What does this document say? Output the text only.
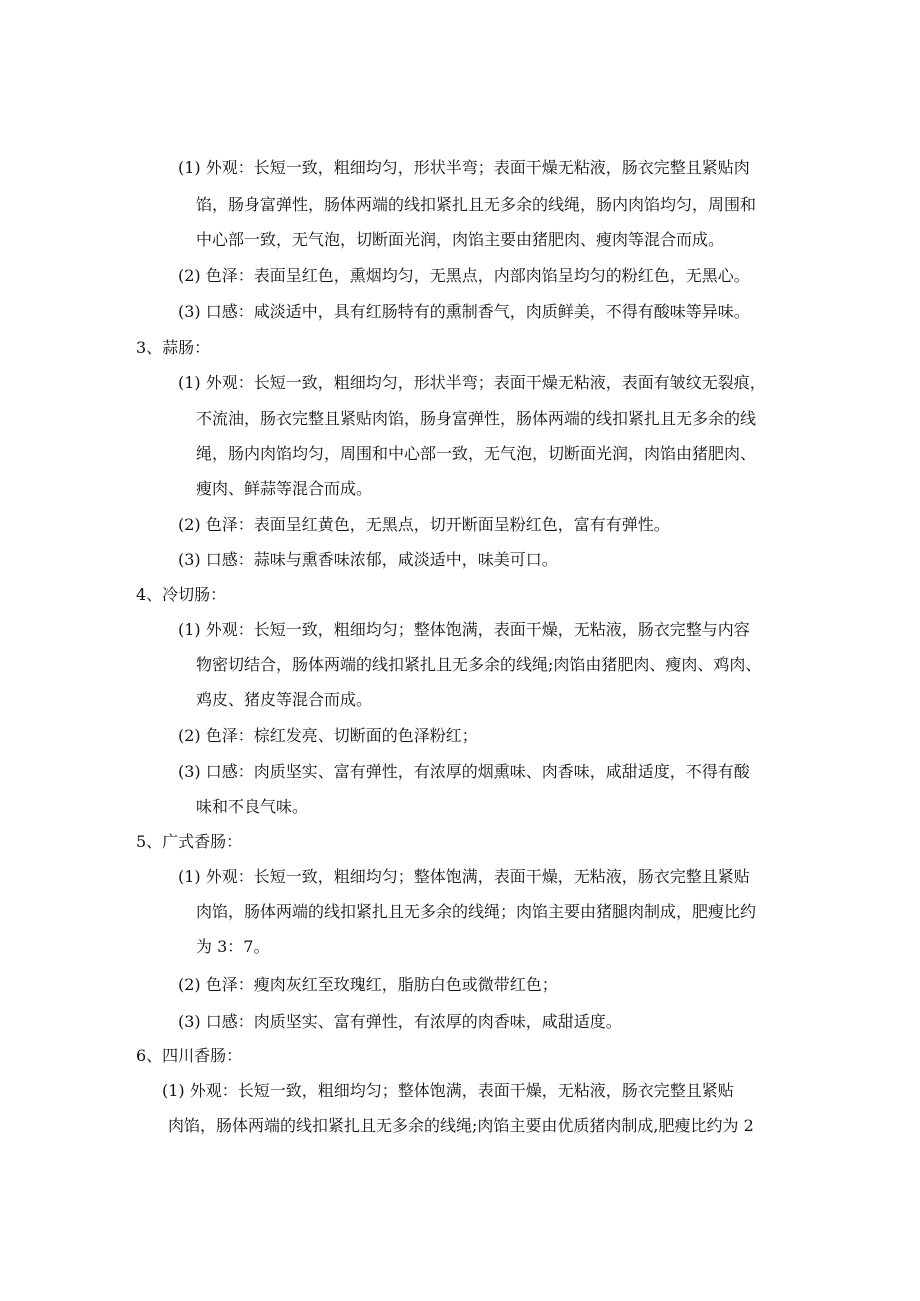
(1) 外观：长短一致，粗细均匀，形状半弯；表面干燥无粘液，肠衣完整且紧贴肉
馅，肠身富弹性，肠体两端的线扣紧扎且无多余的线绳，肠内肉馅均匀，周围和
中心部一致，无气泡，切断面光润，肉馅主要由猪肥肉、瘦肉等混合而成。
(2) 色泽：表面呈红色，熏烟均匀，无黑点，内部肉馅呈均匀的粉红色，无黑心。
(3) 口感：咸淡适中，具有红肠特有的熏制香气，肉质鲜美，不得有酸味等异味。
3、蒜肠：
(1) 外观：长短一致，粗细均匀，形状半弯；表面干燥无粘液，表面有皱纹无裂痕，
不流油，肠衣完整且紧贴肉馅，肠身富弹性，肠体两端的线扣紧扎且无多余的线
绳，肠内肉馅均匀，周围和中心部一致，无气泡，切断面光润，肉馅由猪肥肉、
瘦肉、鲜蒜等混合而成。
(2) 色泽：表面呈红黄色，无黑点，切开断面呈粉红色，富有有弹性。
(3) 口感：蒜味与熏香味浓郁，咸淡适中，味美可口。
4、冷切肠：
(1) 外观：长短一致，粗细均匀；整体饱满，表面干燥，无粘液，肠衣完整与内容
物密切结合，肠体两端的线扣紧扎且无多余的线绳;肉馅由猪肥肉、瘦肉、鸡肉、
鸡皮、猪皮等混合而成。
(2) 色泽：棕红发亮、切断面的色泽粉红；
(3) 口感：肉质坚实、富有弹性，有浓厚的烟熏味、肉香味，咸甜适度，不得有酸
味和不良气味。
5、广式香肠：
(1) 外观：长短一致，粗细均匀；整体饱满，表面干燥，无粘液，肠衣完整且紧贴
肉馅，肠体两端的线扣紧扎且无多余的线绳；肉馅主要由猪腿肉制成，肥瘦比约
为 3：7。
(2) 色泽：瘦肉灰红至玫瑰红，脂肪白色或微带红色；
(3) 口感：肉质坚实、富有弹性，有浓厚的肉香味，咸甜适度。
6、四川香肠：
(1) 外观：长短一致，粗细均匀；整体饱满，表面干燥，无粘液，肠衣完整且紧贴
肉馅，肠体两端的线扣紧扎且无多余的线绳;肉馅主要由优质猪肉制成,肥瘦比约为 2
